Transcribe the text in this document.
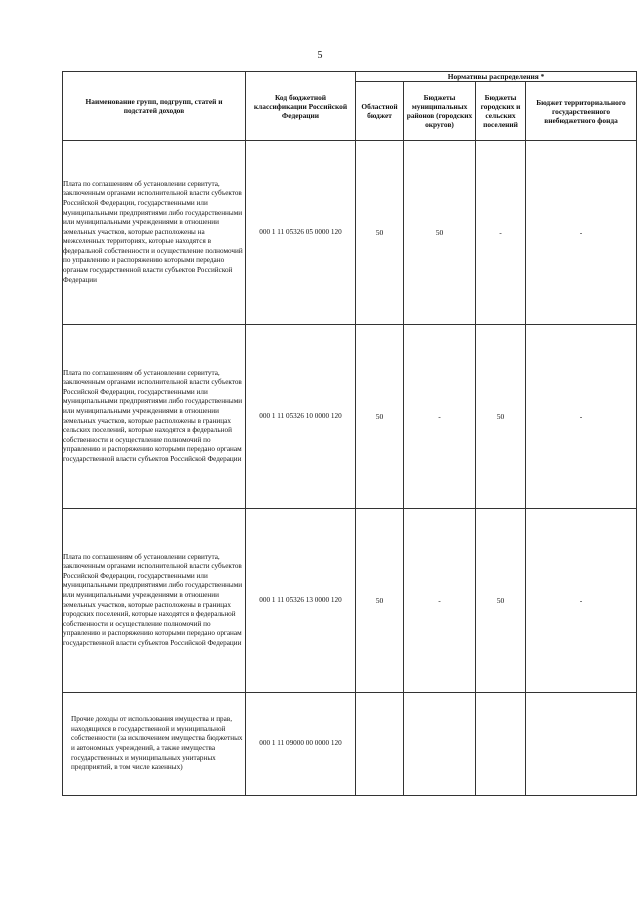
5
Наименование групп, подгрупп, статей и подстатей доходов	Код бюджетной классификации Российской Федерации	Нормативы распределения *			
		Областной бюджет	Бюджеты муниципальных районов (городских округов)	Бюджеты городских и сельских поселений	Бюджет территориального государственного внебюджетного фонда
Плата по соглашениям об установлении сервитута, заключенным органами исполнительной власти субъектов Российской Федерации, государственными или муниципальными предприятиями либо государственными или муниципальными учреждениями в отношении земельных участков, которые расположены на межселенных территориях, которые находятся в федеральной собственности и осуществление полномочий по управлению и распоряжению которыми передано органам государственной власти субъектов Российской Федерации	000 1 11 05326 05 0000 120	50	50	-	-
Плата по соглашениям об установлении сервитута, заключенным органами исполнительной власти субъектов Российской Федерации, государственными или муниципальными предприятиями либо государственными или муниципальными учреждениями в отношении земельных участков, которые расположены в границах сельских поселений, которые находятся в федеральной собственности и осуществление полномочий по управлению и распоряжению которыми передано органам государственной власти субъектов Российской Федерации	000 1 11 05326 10 0000 120	50	-	50	-
Плата по соглашениям об установлении сервитута, заключенным органами исполнительной власти субъектов Российской Федерации, государственными или муниципальными предприятиями либо государственными или муниципальными учреждениями в отношении земельных участков, которые расположены в границах городских поселений, которые находятся в федеральной собственности и осуществление полномочий по управлению и распоряжению которыми передано органам государственной власти субъектов Российской Федерации	000 1 11 05326 13 0000 120	50	-	50	-
Прочие доходы от использования имущества и прав, находящихся в государственной и муниципальной собственности (за исключением имущества бюджетных и автономных учреждений, а также имущества государственных и муниципальных унитарных предприятий, в том числе казенных)	000 1 11 09000 00 0000 120				
